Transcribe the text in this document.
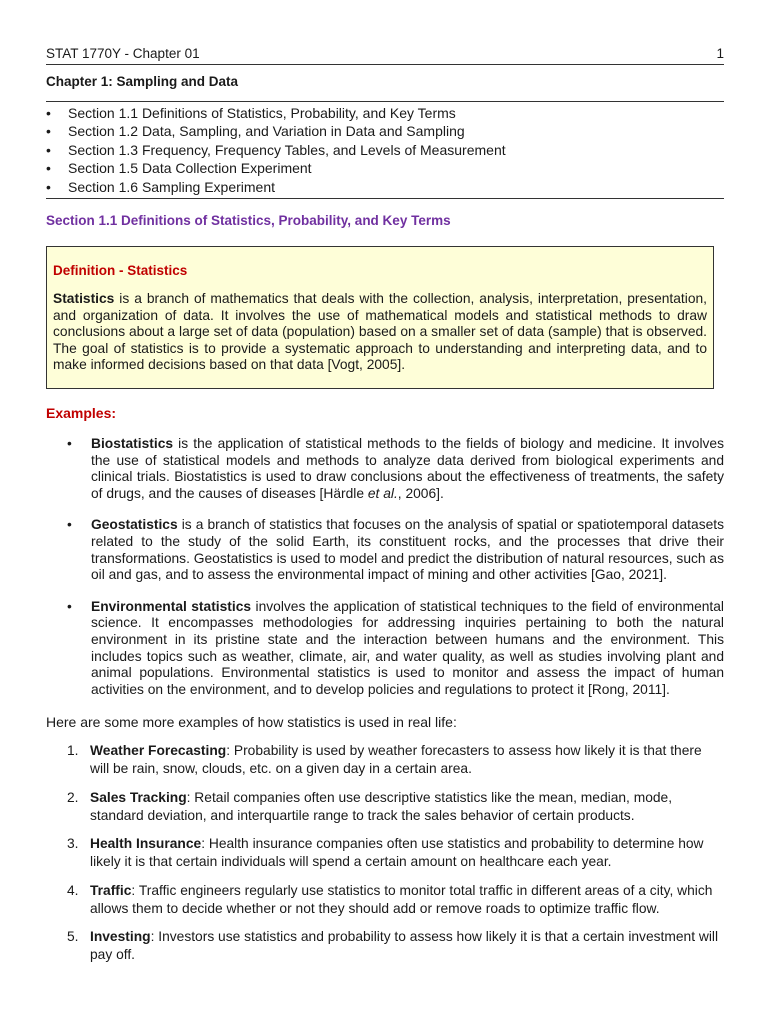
STAT 1770Y - Chapter 01	1
Chapter 1: Sampling and Data
• Section 1.1 Definitions of Statistics, Probability, and Key Terms
• Section 1.2 Data, Sampling, and Variation in Data and Sampling
• Section 1.3 Frequency, Frequency Tables, and Levels of Measurement
• Section 1.5 Data Collection Experiment
• Section 1.6 Sampling Experiment
Section 1.1 Definitions of Statistics, Probability, and Key Terms
Definition - Statistics

Statistics is a branch of mathematics that deals with the collection, analysis, interpretation, presentation, and organization of data. It involves the use of mathematical models and statistical methods to draw conclusions about a large set of data (population) based on a smaller set of data (sample) that is observed. The goal of statistics is to provide a systematic approach to understanding and interpreting data, and to make informed decisions based on that data [Vogt, 2005].

Examples:
• Biostatistics is the application of statistical methods to the fields of biology and medicine. It involves the use of statistical models and methods to analyze data derived from biological experiments and clinical trials. Biostatistics is used to draw conclusions about the effectiveness of treatments, the safety of drugs, and the causes of diseases [Härdle et al., 2006].
• Geostatistics is a branch of statistics that focuses on the analysis of spatial or spatiotemporal datasets related to the study of the solid Earth, its constituent rocks, and the processes that drive their transformations. Geostatistics is used to model and predict the distribution of natural resources, such as oil and gas, and to assess the environmental impact of mining and other activities [Gao, 2021].
• Environmental statistics involves the application of statistical techniques to the field of environmental science. It encompasses methodologies for addressing inquiries pertaining to both the natural environment in its pristine state and the interaction between humans and the environment. This includes topics such as weather, climate, air, and water quality, as well as studies involving plant and animal populations. Environmental statistics is used to monitor and assess the impact of human activities on the environment, and to develop policies and regulations to protect it [Rong, 2011].
Here are some more examples of how statistics is used in real life:
1. Weather Forecasting: Probability is used by weather forecasters to assess how likely it is that there will be rain, snow, clouds, etc. on a given day in a certain area.
2. Sales Tracking: Retail companies often use descriptive statistics like the mean, median, mode, standard deviation, and interquartile range to track the sales behavior of certain products.
3. Health Insurance: Health insurance companies often use statistics and probability to determine how likely it is that certain individuals will spend a certain amount on healthcare each year.
4. Traffic: Traffic engineers regularly use statistics to monitor total traffic in different areas of a city, which allows them to decide whether or not they should add or remove roads to optimize traffic flow.
5. Investing: Investors use statistics and probability to assess how likely it is that a certain investment will pay off.
